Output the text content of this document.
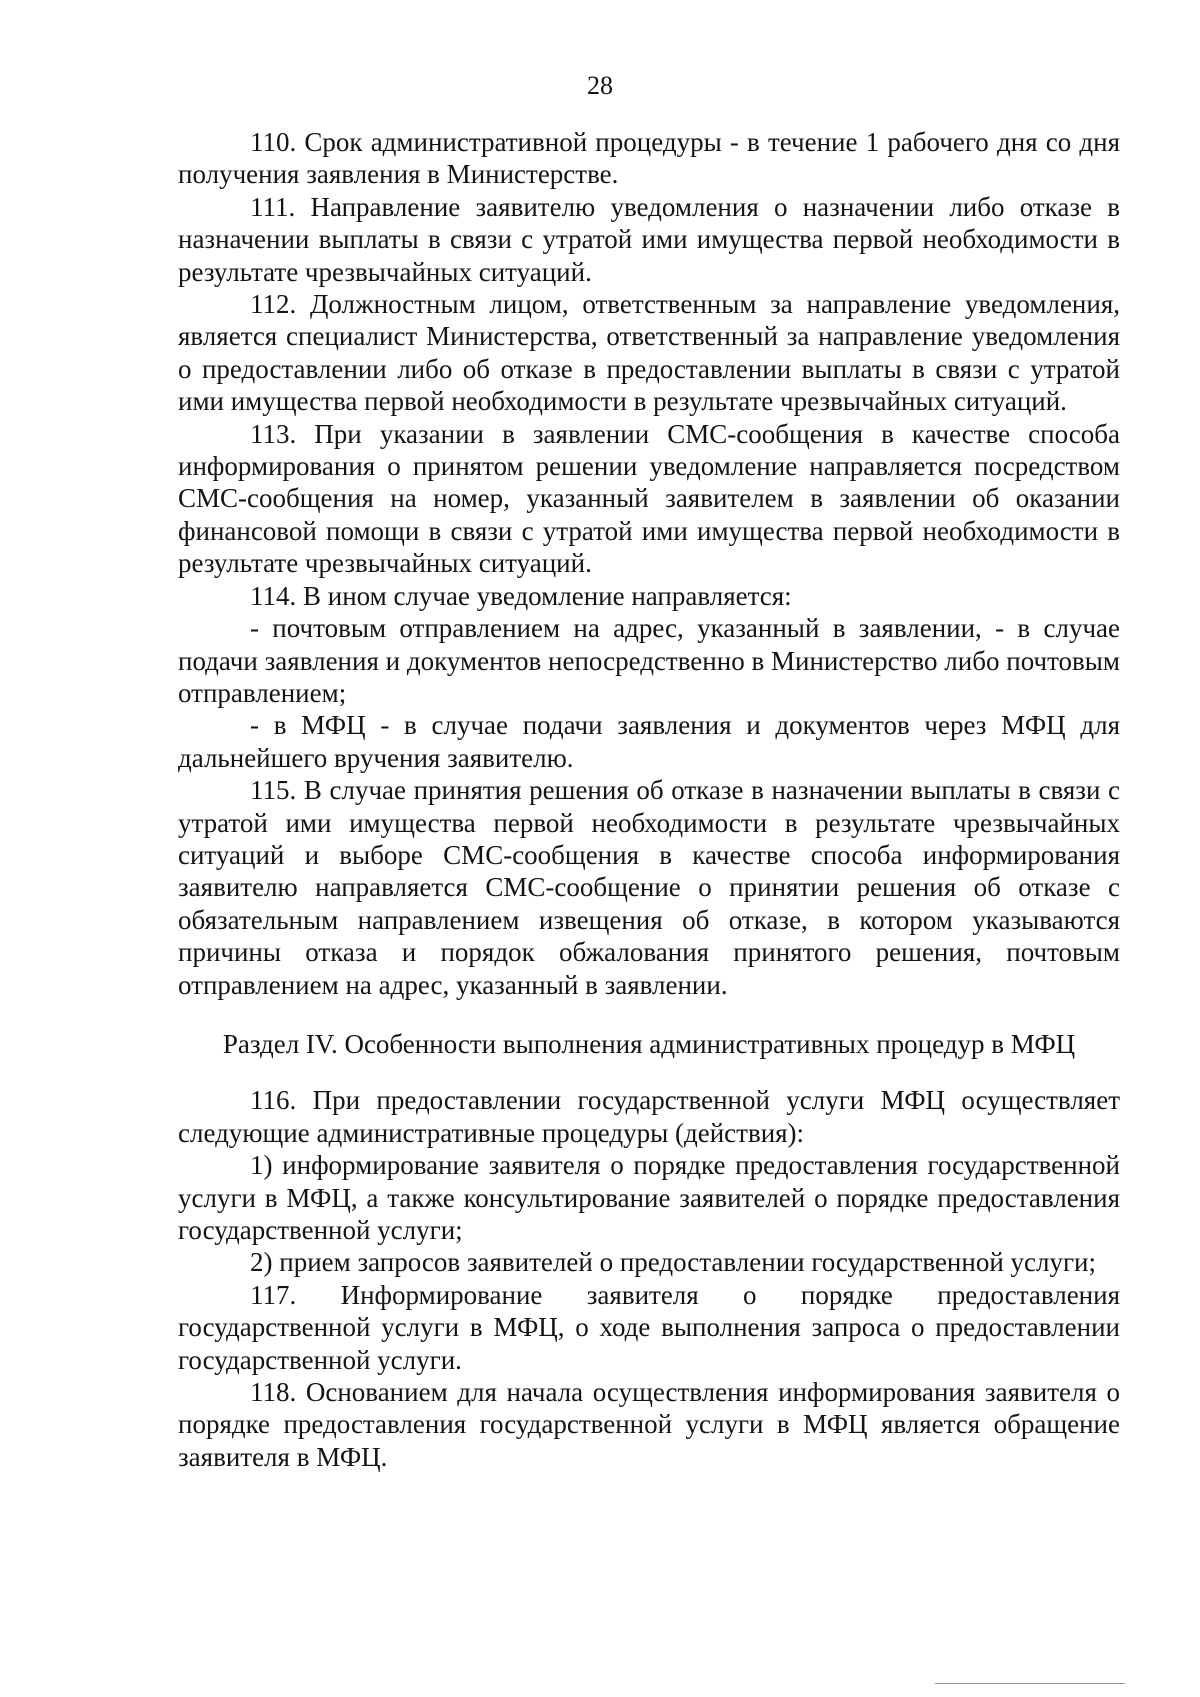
28

110. Срок административной процедуры - в течение 1 рабочего дня со дня получения заявления в Министерстве.

111. Направление заявителю уведомления о назначении либо отказе в назначении выплаты в связи с утратой ими имущества первой необходимости в результате чрезвычайных ситуаций.

112. Должностным лицом, ответственным за направление уведомления, является специалист Министерства, ответственный за направление уведомления о предоставлении либо об отказе в предоставлении выплаты в связи с утратой ими имущества первой необходимости в результате чрезвычайных ситуаций.

113. При указании в заявлении СМС-сообщения в качестве способа информирования о принятом решении уведомление направляется посредством СМС-сообщения на номер, указанный заявителем в заявлении об оказании финансовой помощи в связи с утратой ими имущества первой необходимости в результате чрезвычайных ситуаций.

114. В ином случае уведомление направляется:

- почтовым отправлением на адрес, указанный в заявлении, - в случае подачи заявления и документов непосредственно в Министерство либо почтовым отправлением;

- в МФЦ - в случае подачи заявления и документов через МФЦ для дальнейшего вручения заявителю.

115. В случае принятия решения об отказе в назначении выплаты в связи с утратой ими имущества первой необходимости в результате чрезвычайных ситуаций и выборе СМС-сообщения в качестве способа информирования заявителю направляется СМС-сообщение о принятии решения об отказе с обязательным направлением извещения об отказе, в котором указываются причины отказа и порядок обжалования принятого решения, почтовым отправлением на адрес, указанный в заявлении.

Раздел IV. Особенности выполнения административных процедур в МФЦ

116. При предоставлении государственной услуги МФЦ осуществляет следующие административные процедуры (действия):

1) информирование заявителя о порядке предоставления государственной услуги в МФЦ, а также консультирование заявителей о порядке предоставления государственной услуги;

2) прием запросов заявителей о предоставлении государственной услуги;

117. Информирование заявителя о порядке предоставления государственной услуги в МФЦ, о ходе выполнения запроса о предоставлении государственной услуги.

118. Основанием для начала осуществления информирования заявителя о порядке предоставления государственной услуги в МФЦ является обращение заявителя в МФЦ.
